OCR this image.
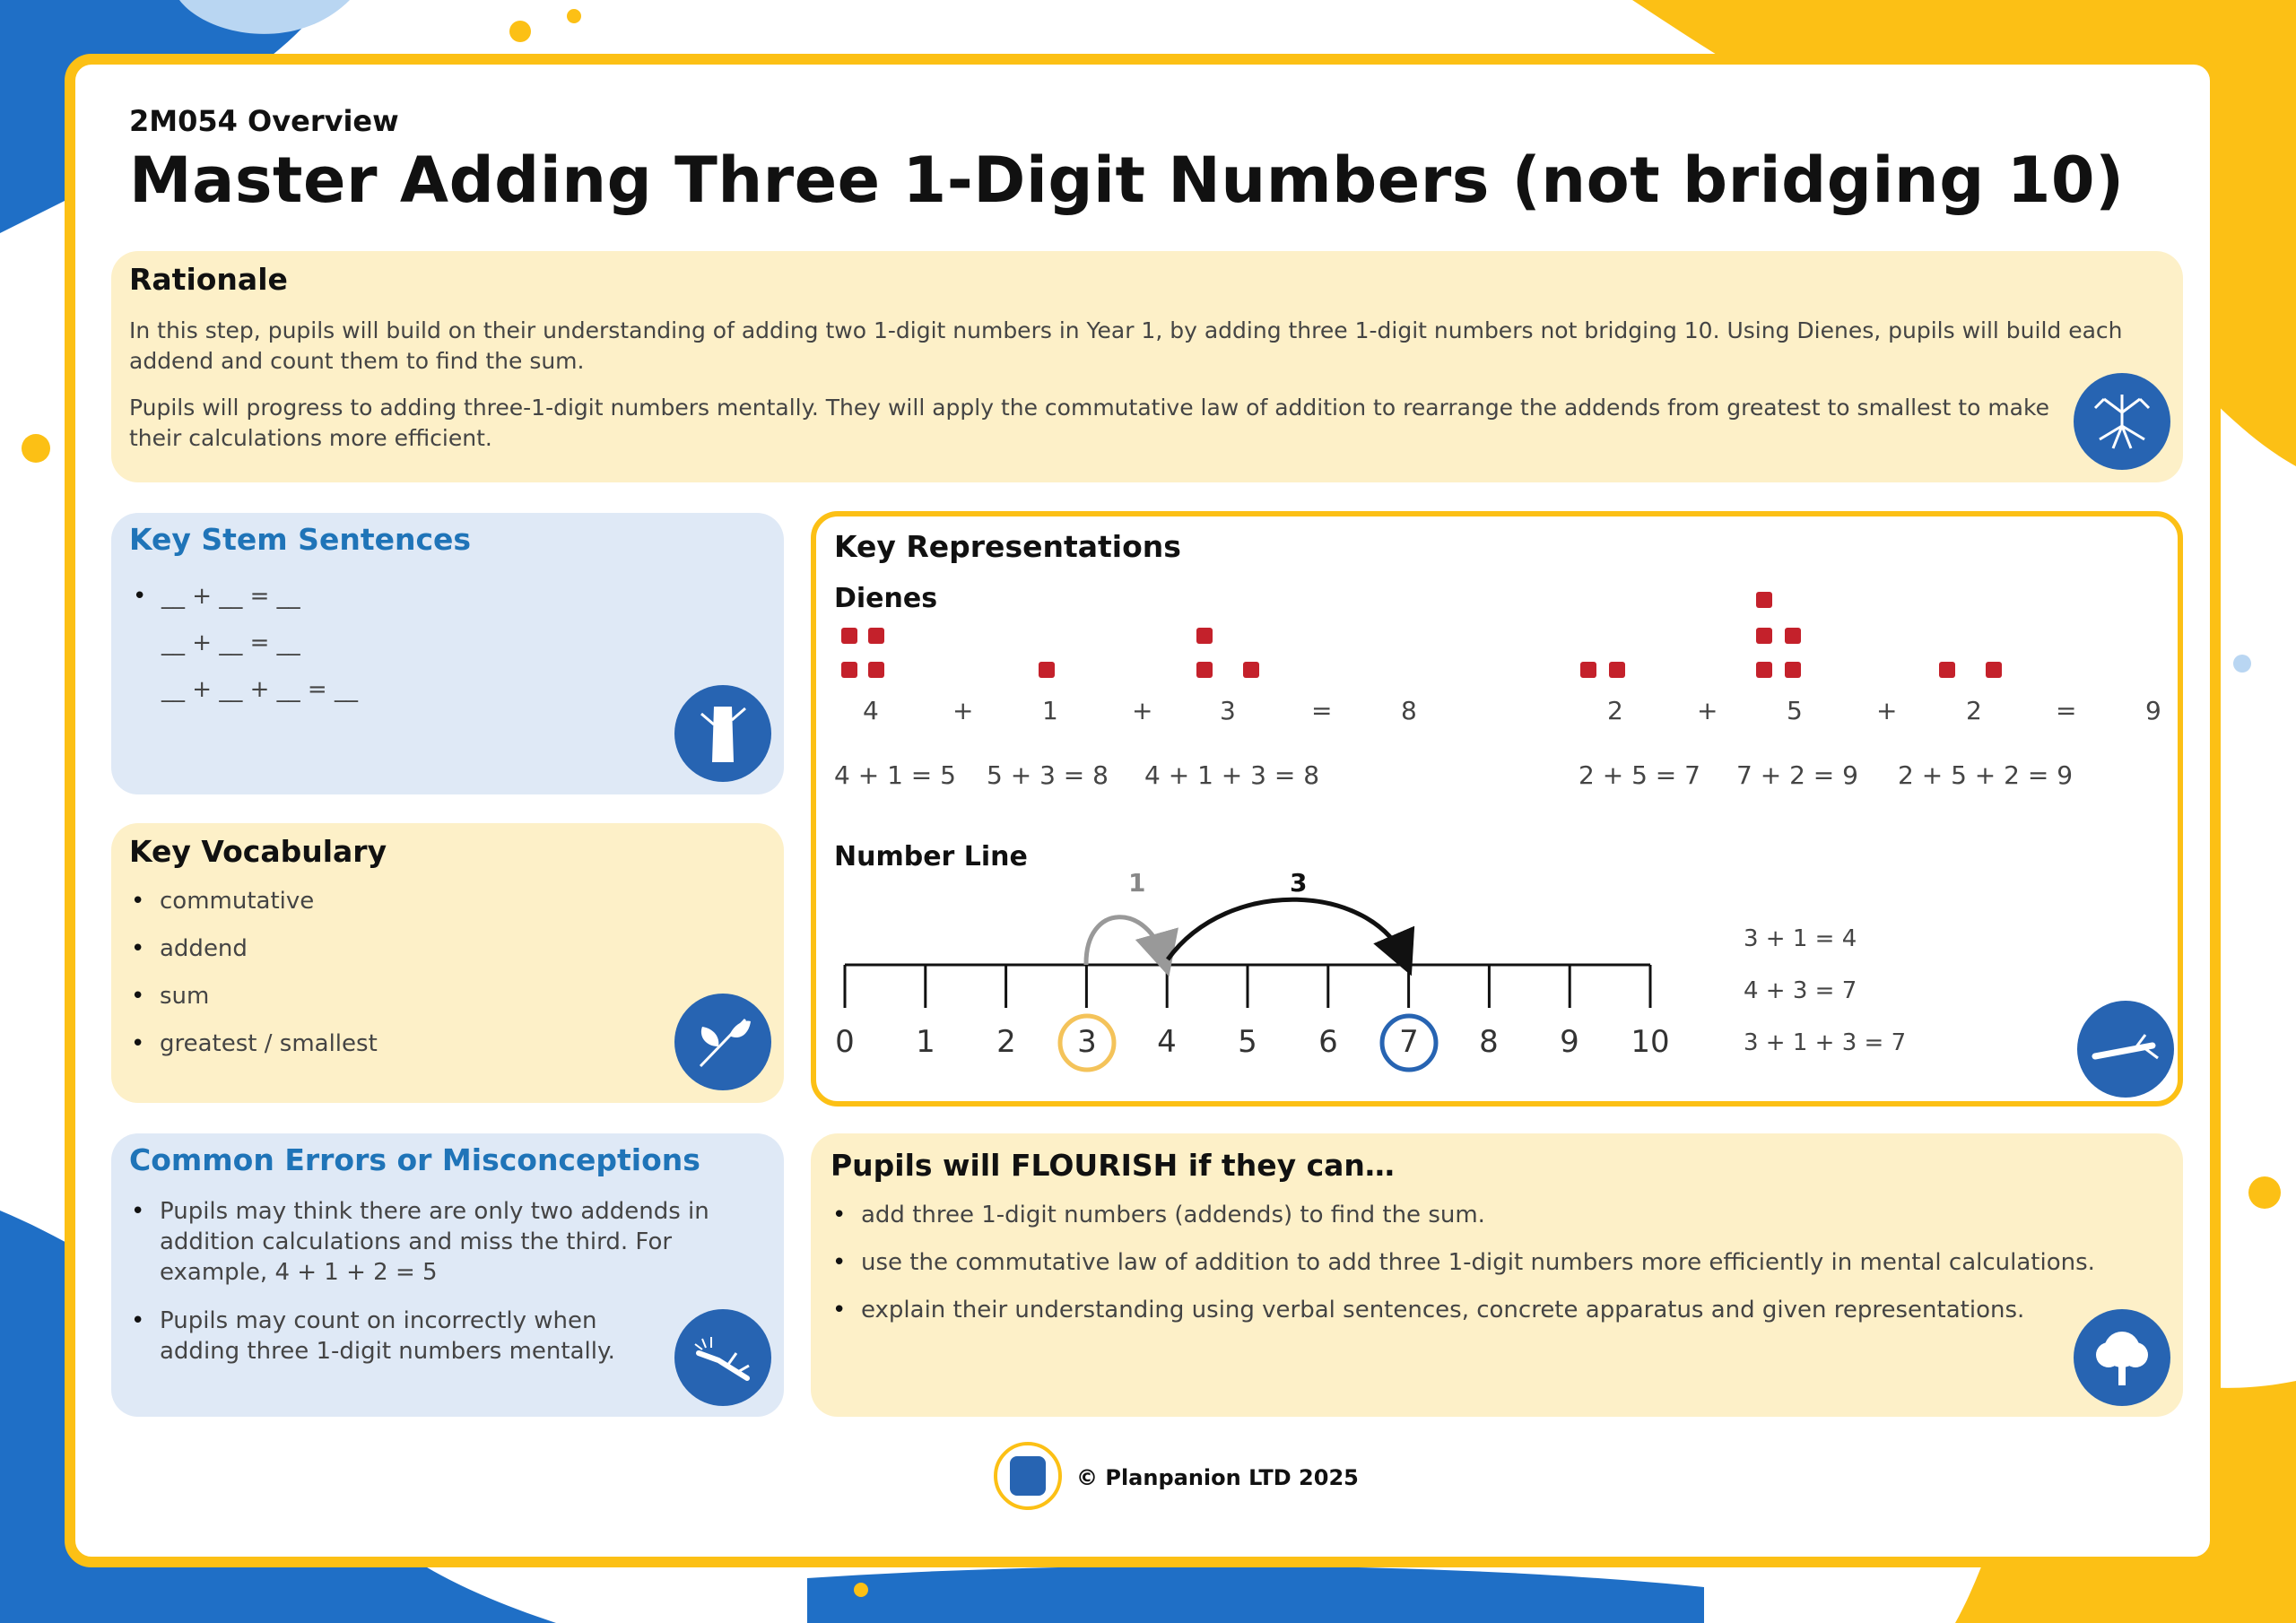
2M054 Overview
Master Adding Three 1-Digit Numbers (not bridging 10)
Rationale
In this step, pupils will build on their understanding of adding two 1-digit numbers in Year 1, by adding three 1-digit numbers not bridging 10. Using Dienes, pupils will build each addend and count them to find the sum.
Pupils will progress to adding three-1-digit numbers mentally. They will apply the commutative law of addition to rearrange the addends from greatest to smallest to make their calculations more efficient.
Key Stem Sentences
• __ + __ = __
__ + __ = __
__ + __ + __ = __
Key Vocabulary
• commutative
• addend
• sum
• greatest / smallest
Common Errors or Misconceptions
• Pupils may think there are only two addends in addition calculations and miss the third. For example, 4 + 1 + 2 = 5
• Pupils may count on incorrectly when adding three 1-digit numbers mentally.
Key Representations
Dienes
4	+	1	+	3	=	8	2	+	5	+	2	=	9
4 + 1 = 5 5 + 3 = 8 4 + 1 + 3 = 8	2 + 5 = 7 7 + 2 = 9 2 + 5 + 2 = 9
Number Line
1	3
0	1	2	3	4	5	6	7	8	9	10
3 + 1 = 4
4 + 3 = 7
3 + 1 + 3 = 7
Pupils will FLOURISH if they can…
• add three 1-digit numbers (addends) to find the sum.
• use the commutative law of addition to add three 1-digit numbers more efficiently in mental calculations.
• explain their understanding using verbal sentences, concrete apparatus and given representations.
© Planpanion LTD 2025
